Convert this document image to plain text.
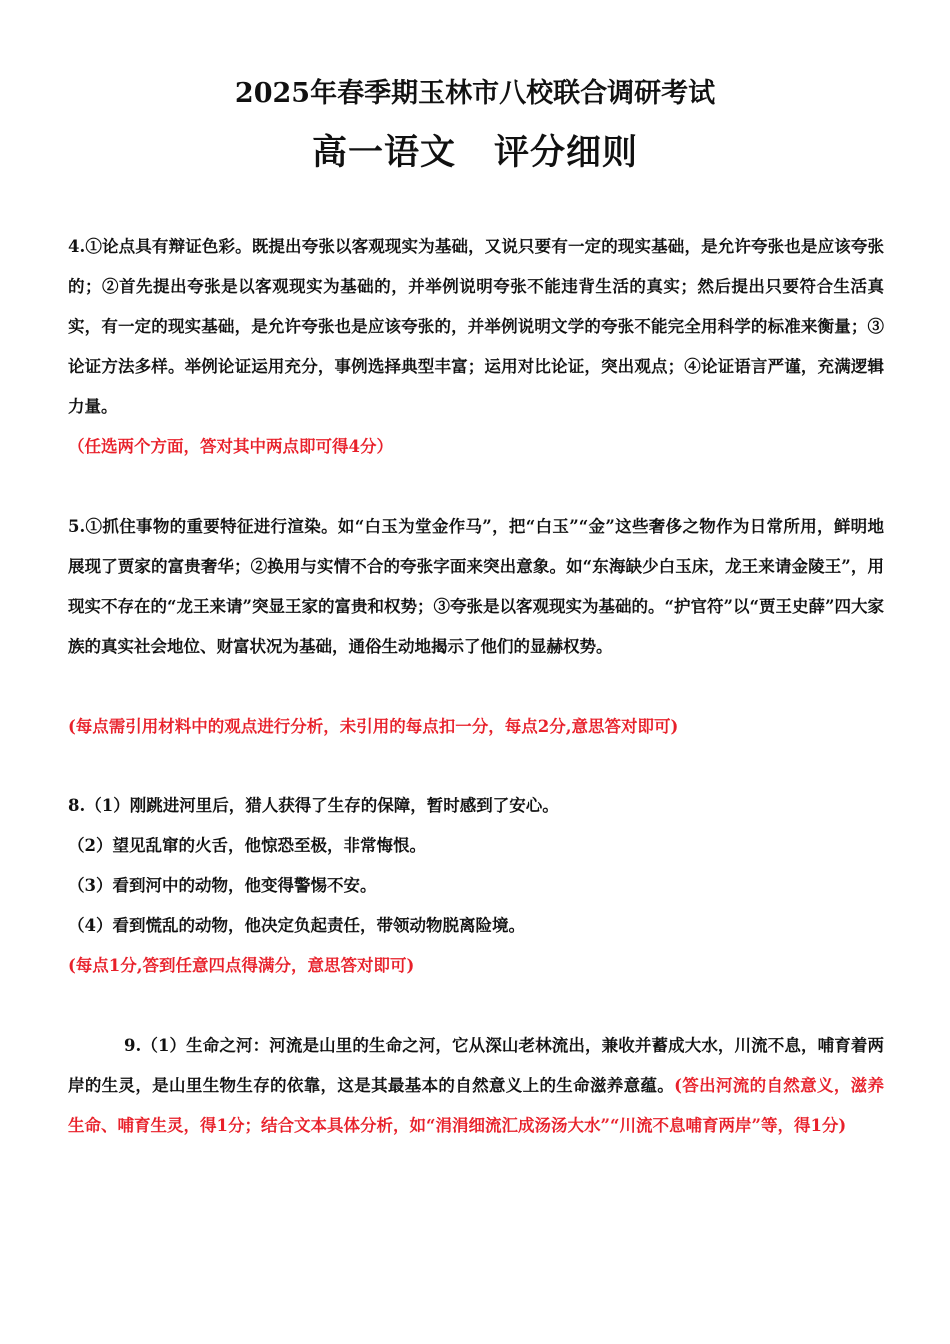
2025年春季期玉林市八校联合调研考试
高一语文 评分细则
4.①论点具有辩证色彩。既提出夸张以客观现实为基础，又说只要有一定的现实基础，是允许夸张也是应该夸张的；②首先提出夸张是以客观现实为基础的，并举例说明夸张不能违背生活的真实；然后提出只要符合生活真实，有一定的现实基础，是允许夸张也是应该夸张的，并举例说明文学的夸张不能完全用科学的标准来衡量；③论证方法多样。举例论证运用充分，事例选择典型丰富；运用对比论证，突出观点；④论证语言严谨，充满逻辑力量。
（任选两个方面，答对其中两点即可得4分）
5.①抓住事物的重要特征进行渲染。如“白玉为堂金作马”，把“白玉”“金”这些奢侈之物作为日常所用，鲜明地展现了贾家的富贵奢华；②换用与实情不合的夸张字面来突出意象。如“东海缺少白玉床，龙王来请金陵王”，用现实不存在的“龙王来请”突显王家的富贵和权势；③夸张是以客观现实为基础的。“护官符”以“贾王史薛”四大家族的真实社会地位、财富状况为基础，通俗生动地揭示了他们的显赫权势。
(每点需引用材料中的观点进行分析，未引用的每点扣一分，每点2分,意思答对即可)
8.（1）刚跳进河里后，猎人获得了生存的保障，暂时感到了安心。
（2）望见乱窜的火舌，他惊恐至极，非常悔恨。
（3）看到河中的动物，他变得警惕不安。
（4）看到慌乱的动物，他决定负起责任，带领动物脱离险境。
(每点1分,答到任意四点得满分，意思答对即可)
9.（1）生命之河：河流是山里的生命之河，它从深山老林流出，兼收并蓄成大水，川流不息，哺育着两岸的生灵，是山里生物生存的依靠，这是其最基本的自然意义上的生命滋养意蕴。(答出河流的自然意义，滋养生命、哺育生灵，得1分；结合文本具体分析，如“涓涓细流汇成汤汤大水”“川流不息哺育两岸”等，得1分)
